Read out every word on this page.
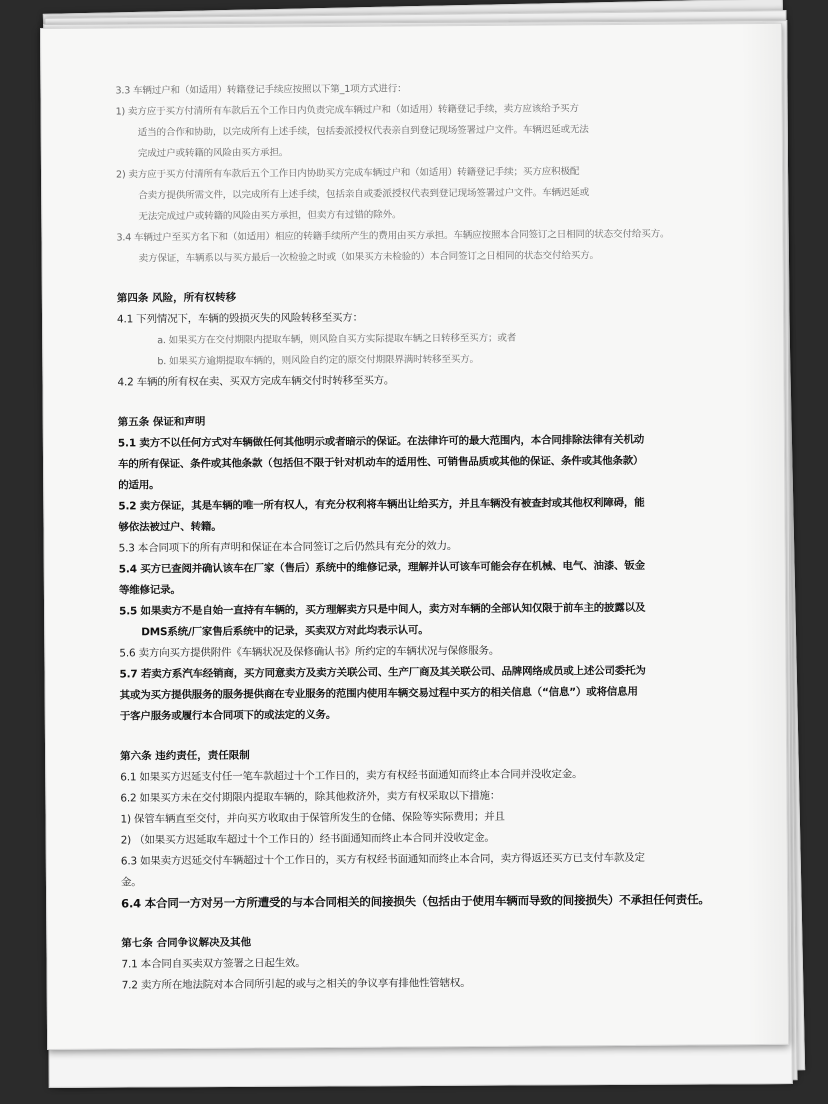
3.3 车辆过户和（如适用）转籍登记手续应按照以下第_1项方式进行：
1) 卖方应于买方付清所有车款后五个工作日内负责完成车辆过户和（如适用）转籍登记手续，卖方应该给予买方
适当的合作和协助，以完成所有上述手续，包括委派授权代表亲自到登记现场签署过户文件。车辆迟延或无法
完成过户或转籍的风险由买方承担。
2) 卖方应于买方付清所有车款后五个工作日内协助买方完成车辆过户和（如适用）转籍登记手续；买方应积极配
合卖方提供所需文件，以完成所有上述手续，包括亲自或委派授权代表到登记现场签署过户文件。车辆迟延或
无法完成过户或转籍的风险由买方承担，但卖方有过错的除外。
3.4 车辆过户至买方名下和（如适用）相应的转籍手续所产生的费用由买方承担。车辆应按照本合同签订之日相同的状态交付给买方。
卖方保证，车辆系以与买方最后一次检验之时或（如果买方未检验的）本合同签订之日相同的状态交付给买方。
第四条 风险，所有权转移
4.1 下列情况下，车辆的毁损灭失的风险转移至买方：
a. 如果买方在交付期限内提取车辆，则风险自买方实际提取车辆之日转移至买方；或者
b. 如果买方逾期提取车辆的，则风险自约定的原交付期限界满时转移至买方。
4.2 车辆的所有权在卖、买双方完成车辆交付时转移至买方。
第五条 保证和声明
5.1 卖方不以任何方式对车辆做任何其他明示或者暗示的保证。在法律许可的最大范围内，本合同排除法律有关机动
车的所有保证、条件或其他条款（包括但不限于针对机动车的适用性、可销售品质或其他的保证、条件或其他条款）
的适用。
5.2 卖方保证，其是车辆的唯一所有权人，有充分权利将车辆出让给买方，并且车辆没有被查封或其他权利障碍，能
够依法被过户、转籍。
5.3 本合同项下的所有声明和保证在本合同签订之后仍然具有充分的效力。
5.4 买方已查阅并确认该车在厂家（售后）系统中的维修记录，理解并认可该车可能会存在机械、电气、油漆、钣金
等维修记录。
5.5 如果卖方不是自始一直持有车辆的，买方理解卖方只是中间人，卖方对车辆的全部认知仅限于前车主的披露以及
DMS系统/厂家售后系统中的记录，买卖双方对此均表示认可。
5.6 卖方向买方提供附件《车辆状况及保修确认书》所约定的车辆状况与保修服务。
5.7 若卖方系汽车经销商，买方同意卖方及卖方关联公司、生产厂商及其关联公司、品牌网络成员或上述公司委托为
其或为买方提供服务的服务提供商在专业服务的范围内使用车辆交易过程中买方的相关信息（“信息”）或将信息用
于客户服务或履行本合同项下的或法定的义务。
第六条 违约责任，责任限制
6.1 如果买方迟延支付任一笔车款超过十个工作日的，卖方有权经书面通知而终止本合同并没收定金。
6.2 如果买方未在交付期限内提取车辆的，除其他救济外，卖方有权采取以下措施：
1) 保管车辆直至交付，并向买方收取由于保管所发生的仓储、保险等实际费用；并且
2) （如果买方迟延取车超过十个工作日的）经书面通知而终止本合同并没收定金。
6.3 如果卖方迟延交付车辆超过十个工作日的，买方有权经书面通知而终止本合同，卖方得返还买方已支付车款及定
金。
6.4 本合同一方对另一方所遭受的与本合同相关的间接损失（包括由于使用车辆而导致的间接损失）不承担任何责任。
第七条 合同争议解决及其他
7.1 本合同自买卖双方签署之日起生效。
7.2 卖方所在地法院对本合同所引起的或与之相关的争议享有排他性管辖权。
